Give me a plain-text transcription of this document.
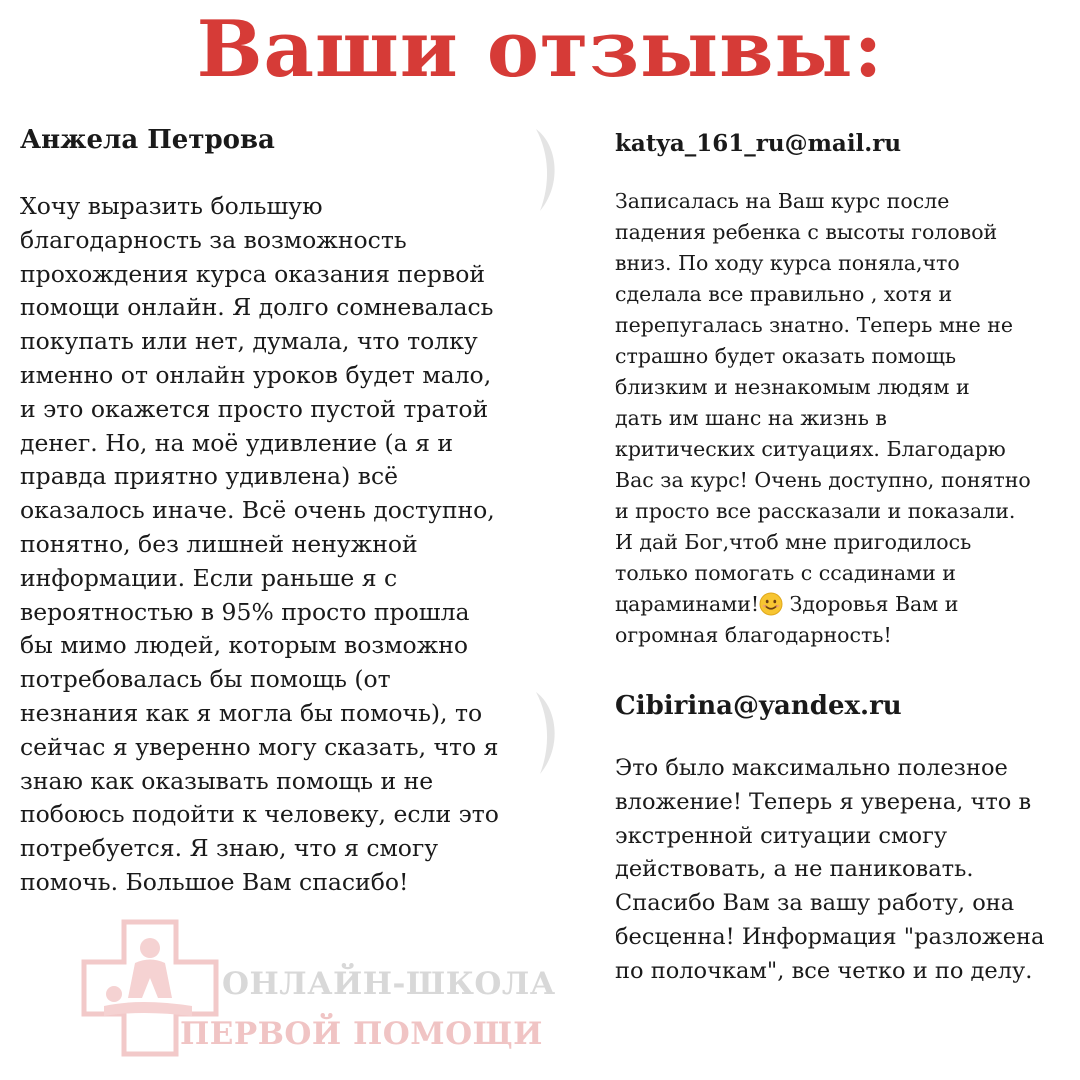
Ваши отзывы:

Анжела Петрова

Хочу выразить большую
благодарность за возможность
прохождения курса оказания первой
помощи онлайн. Я долго сомневалась
покупать или нет, думала, что толку
именно от онлайн уроков будет мало,
и это окажется просто пустой тратой
денег. Но, на моё удивление (а я и
правда приятно удивлена) всё
оказалось иначе. Всё очень доступно,
понятно, без лишней ненужной
информации. Если раньше я с
вероятностью в 95% просто прошла
бы мимо людей, которым возможно
потребовалась бы помощь (от
незнания как я могла бы помочь), то
сейчас я уверенно могу сказать, что я
знаю как оказывать помощь и не
побоюсь подойти к человеку, если это
потребуется. Я знаю, что я смогу
помочь. Большое Вам спасибо!

katya_161_ru@mail.ru

Записалась на Ваш курс после
падения ребенка с высоты головой
вниз. По ходу курса поняла,что
сделала все правильно , хотя и
перепугалась знатно. Теперь мне не
страшно будет оказать помощь
близким и незнакомым людям и
дать им шанс на жизнь в
критических ситуациях. Благодарю
Вас за курс! Очень доступно, понятно
и просто все рассказали и показали.
И дай Бог,чтоб мне пригодилось
только помогать с ссадинами и
цараминами! Здоровья Вам и
огромная благодарность!

Cibirina@yandex.ru

Это было максимально полезное
вложение! Теперь я уверена, что в
экстренной ситуации смогу
действовать, а не паниковать.
Спасибо Вам за вашу работу, она
бесценна! Информация "разложена
по полочкам", все четко и по делу.
ОНЛАЙН-ШКОЛА
ПЕРВОЙ ПОМОЩИ
